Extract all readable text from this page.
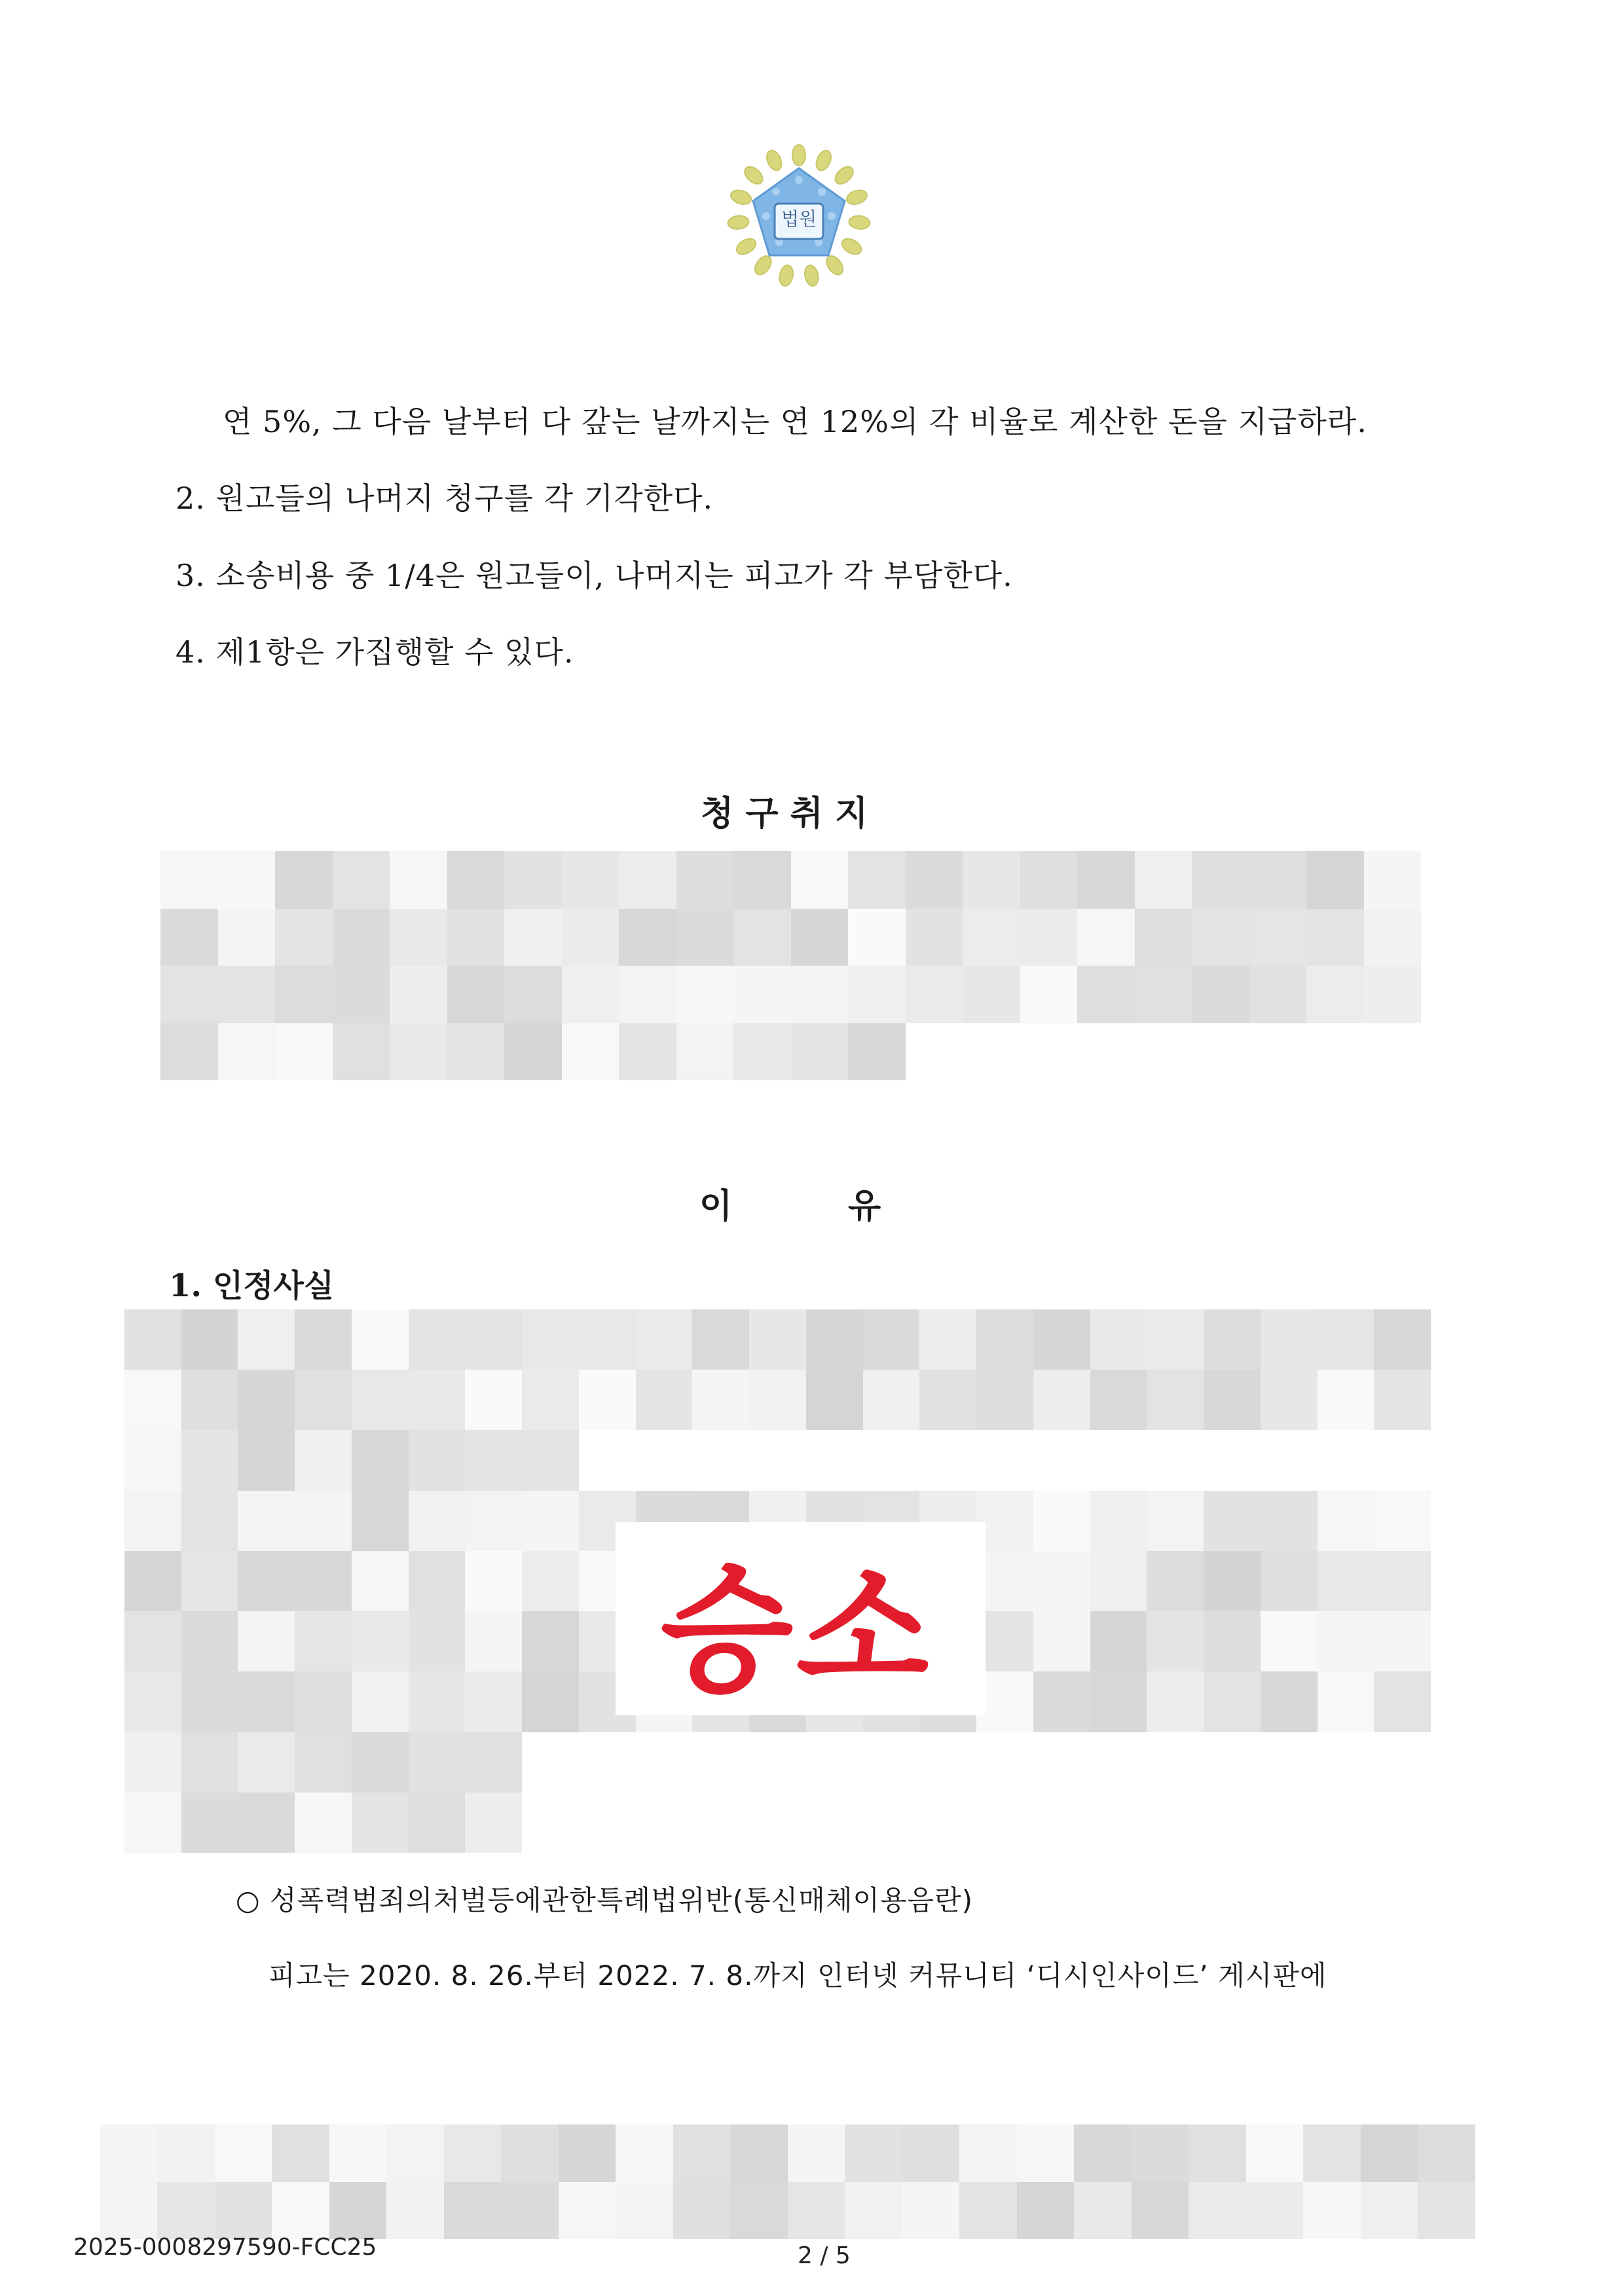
법원
연 5%, 그 다음 날부터 다 갚는 날까지는 연 12%의 각 비율로 계산한 돈을 지급하라.
2. 원고들의 나머지 청구를 각 기각한다.
3. 소송비용 중 1/4은 원고들이, 나머지는 피고가 각 부담한다.
4. 제1항은 가집행할 수 있다.
청 구 취 지
이	유
1. 인정사실
승소
○ 성폭력범죄의처벌등에관한특례법위반(통신매체이용음란)
피고는 2020. 8. 26.부터 2022. 7. 8.까지 인터넷 커뮤니티 ‘디시인사이드’ 게시판에
2025-0008297590-FCC25	2 / 5
